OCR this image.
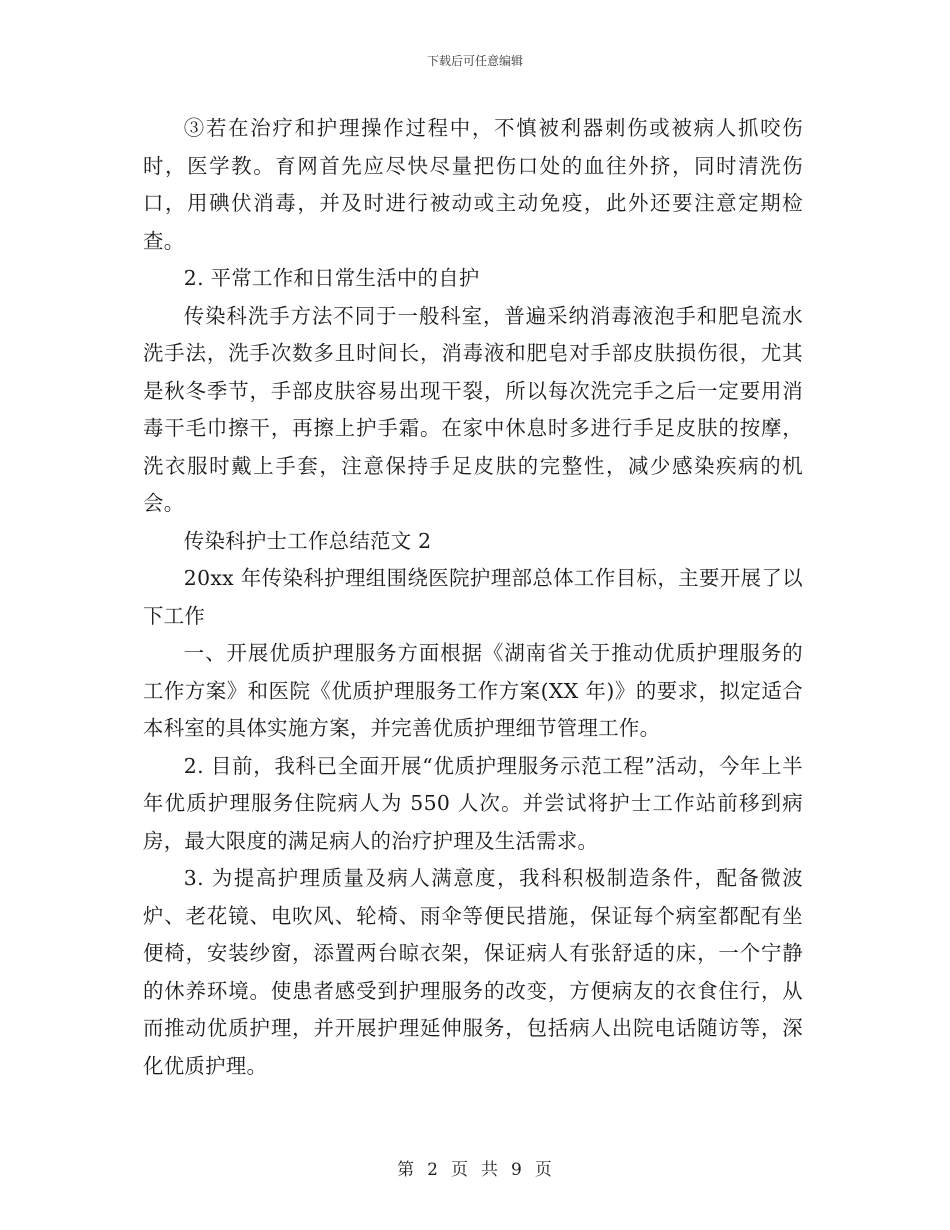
下载后可任意编辑

③若在治疗和护理操作过程中，不慎被利器刺伤或被病人抓咬伤时，医学教。育网首先应尽快尽量把伤口处的血往外挤，同时清洗伤口，用碘伏消毒，并及时进行被动或主动免疫，此外还要注意定期检查。

2. 平常工作和日常生活中的自护

传染科洗手方法不同于一般科室，普遍采纳消毒液泡手和肥皂流水洗手法，洗手次数多且时间长，消毒液和肥皂对手部皮肤损伤很，尤其是秋冬季节，手部皮肤容易出现干裂，所以每次洗完手之后一定要用消毒干毛巾擦干，再擦上护手霜。在家中休息时多进行手足皮肤的按摩，洗衣服时戴上手套，注意保持手足皮肤的完整性，减少感染疾病的机会。

传染科护士工作总结范文 2

20xx 年传染科护理组围绕医院护理部总体工作目标，主要开展了以下工作

一、开展优质护理服务方面根据《湖南省关于推动优质护理服务的工作方案》和医院《优质护理服务工作方案(XX 年)》的要求，拟定适合本科室的具体实施方案，并完善优质护理细节管理工作。

2. 目前，我科已全面开展“优质护理服务示范工程”活动，今年上半年优质护理服务住院病人为 550 人次。并尝试将护士工作站前移到病房，最大限度的满足病人的治疗护理及生活需求。

3. 为提高护理质量及病人满意度，我科积极制造条件，配备微波炉、老花镜、电吹风、轮椅、雨伞等便民措施，保证每个病室都配有坐便椅，安装纱窗，添置两台晾衣架，保证病人有张舒适的床，一个宁静的休养环境。使患者感受到护理服务的改变，方便病友的衣食住行，从而推动优质护理，并开展护理延伸服务，包括病人出院电话随访等，深化优质护理。

第 2 页 共 9 页
